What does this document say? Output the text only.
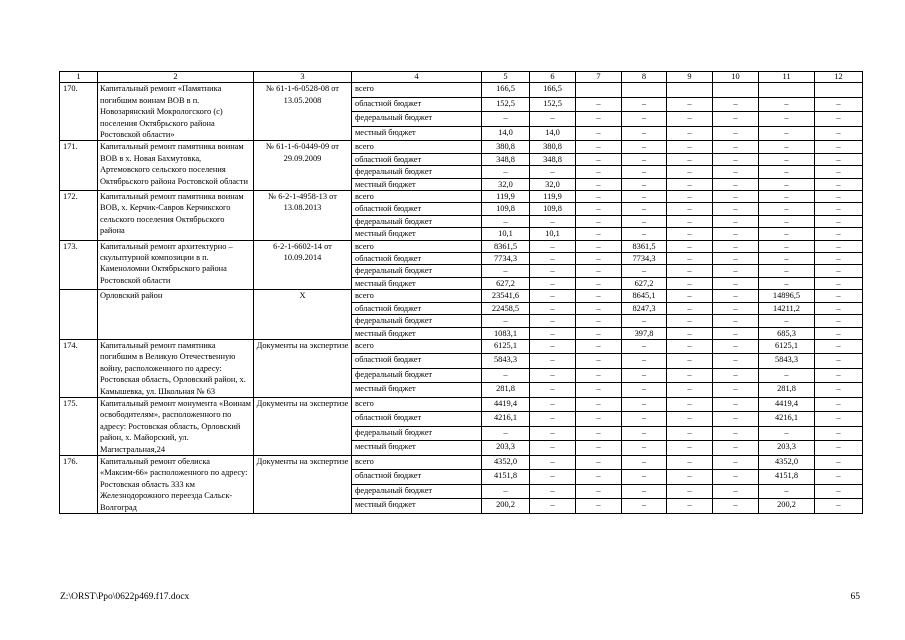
1	2	3	4	5	6	7	8	9	10	11	12
170.	Капитальный ремонт «Памятника погибшим воинам ВОВ в п. Новозарянский Мокрологского (с) поселения Октябрьского района Ростовской области»	№ 61-1-6-0528-08 от 13.05.2008	всего	166,5	166,5						
			областной бюджет	152,5	152,5	–	–	–	–	–	–
			федеральный бюджет	–	–	–	–	–	–	–	–
			местный бюджет	14,0	14,0	–	–	–	–	–	–
171.	Капитальный ремонт памятника воинам ВОВ в х. Новая Бахмутовка, Артемовского сельского поселения Октябрьского района Ростовской области	№ 61-1-6-0449-09 от 29.09.2009	всего	380,8	380,8	–	–	–	–	–	–
			областной бюджет	348,8	348,8	–	–	–	–	–	–
			федеральный бюджет	–	–	–	–	–	–	–	–
			местный бюджет	32,0	32,0	–	–	–	–	–	–
172.	Капитальный ремонт памятника воинам ВОВ, х. Керчик-Савров Керчикского сельского поселения Октябрьского района	№ 6-2-1-4958-13 от 13.08.2013	всего	119,9	119,9	–	–	–	–	–	–
			областной бюджет	109,8	109,8	–	–	–	–	–	–
			федеральный бюджет	–	–	–	–	–	–	–	–
			местный бюджет	10,1	10,1	–	–	–	–	–	–
173.	Капитальный ремонт архитектурно – скульптурной композиции в п. Каменоломни Октябрьского района Ростовской области	6-2-1-6602-14 от 10.09.2014	всего	8361,5	–	–	8361,5	–	–	–	–
			областной бюджет	7734,3	–	–	7734,3	–	–	–	–
			федеральный бюджет	–	–	–	–	–	–	–	–
			местный бюджет	627,2	–	–	627,2	–	–	–	–
	Орловский район	Х	всего	23541,6	–	–	8645,1	–	–	14896,5	–
			областной бюджет	22458,5	–	–	8247,3	–	–	14211,2	–
			федеральный бюджет	–	–	–	–	–	–	–	–
			местный бюджет	1083,1	–	–	397,8	–	–	685,3	–
174.	Капитальный ремонт памятника погибшим в Великую Отечественную войну, расположенного по адресу: Ростовская область, Орловский район, х. Камышевка, ул. Школьная № 63	Документы на экспертизе	всего	6125,1	–	–	–	–	–	6125,1	–
			областной бюджет	5843,3	–	–	–	–	–	5843,3	–
			федеральный бюджет	–	–	–	–	–	–	–	–
			местный бюджет	281,8	–	–	–	–	–	281,8	–
175.	Капитальный ремонт монумента «Воинам освободителям», расположенного по адресу: Ростовская область, Орловский район, х. Майорский, ул. Магистральная,24	Документы на экспертизе	всего	4419,4	–	–	–	–	–	4419,4	–
			областной бюджет	4216,1	–	–	–	–	–	4216,1	–
			федеральный бюджет	–	–	–	–	–	–	–	–
			местный бюджет	203,3	–	–	–	–	–	203,3	–
176.	Капитальный ремонт обелиска «Максим-66» расположенного по адресу: Ростовская область 333 км Железнодорожного переезда Сальск-Волгоград	Документы на экспертизе	всего	4352,0	–	–	–	–	–	4352,0	–
			областной бюджет	4151,8	–	–	–	–	–	4151,8	–
			федеральный бюджет	–	–	–	–	–	–	–	–
			местный бюджет	200,2	–	–	–	–	–	200,2	–
Z:\ORST\Ppo\0622p469.f17.docx	65
